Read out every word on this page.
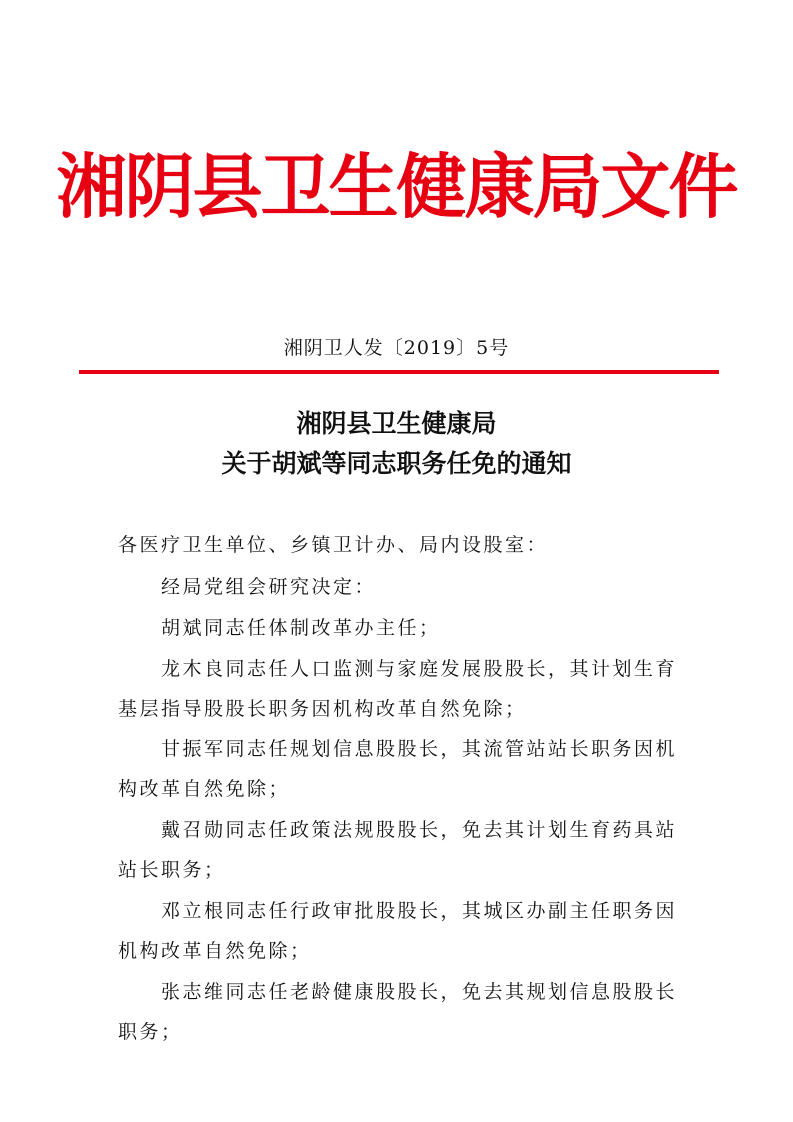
湘阴县卫生健康局文件
湘阴卫人发〔2019〕5号
湘阴县卫生健康局
关于胡斌等同志职务任免的通知
各医疗卫生单位、乡镇卫计办、局内设股室：
　　经局党组会研究决定：
　　胡斌同志任体制改革办主任；
　　龙木良同志任人口监测与家庭发展股股长，其计划生育
基层指导股股长职务因机构改革自然免除；
　　甘振军同志任规划信息股股长，其流管站站长职务因机
构改革自然免除；
　　戴召勋同志任政策法规股股长，免去其计划生育药具站
站长职务；
　　邓立根同志任行政审批股股长，其城区办副主任职务因
机构改革自然免除；
　　张志维同志任老龄健康股股长，免去其规划信息股股长
职务；
